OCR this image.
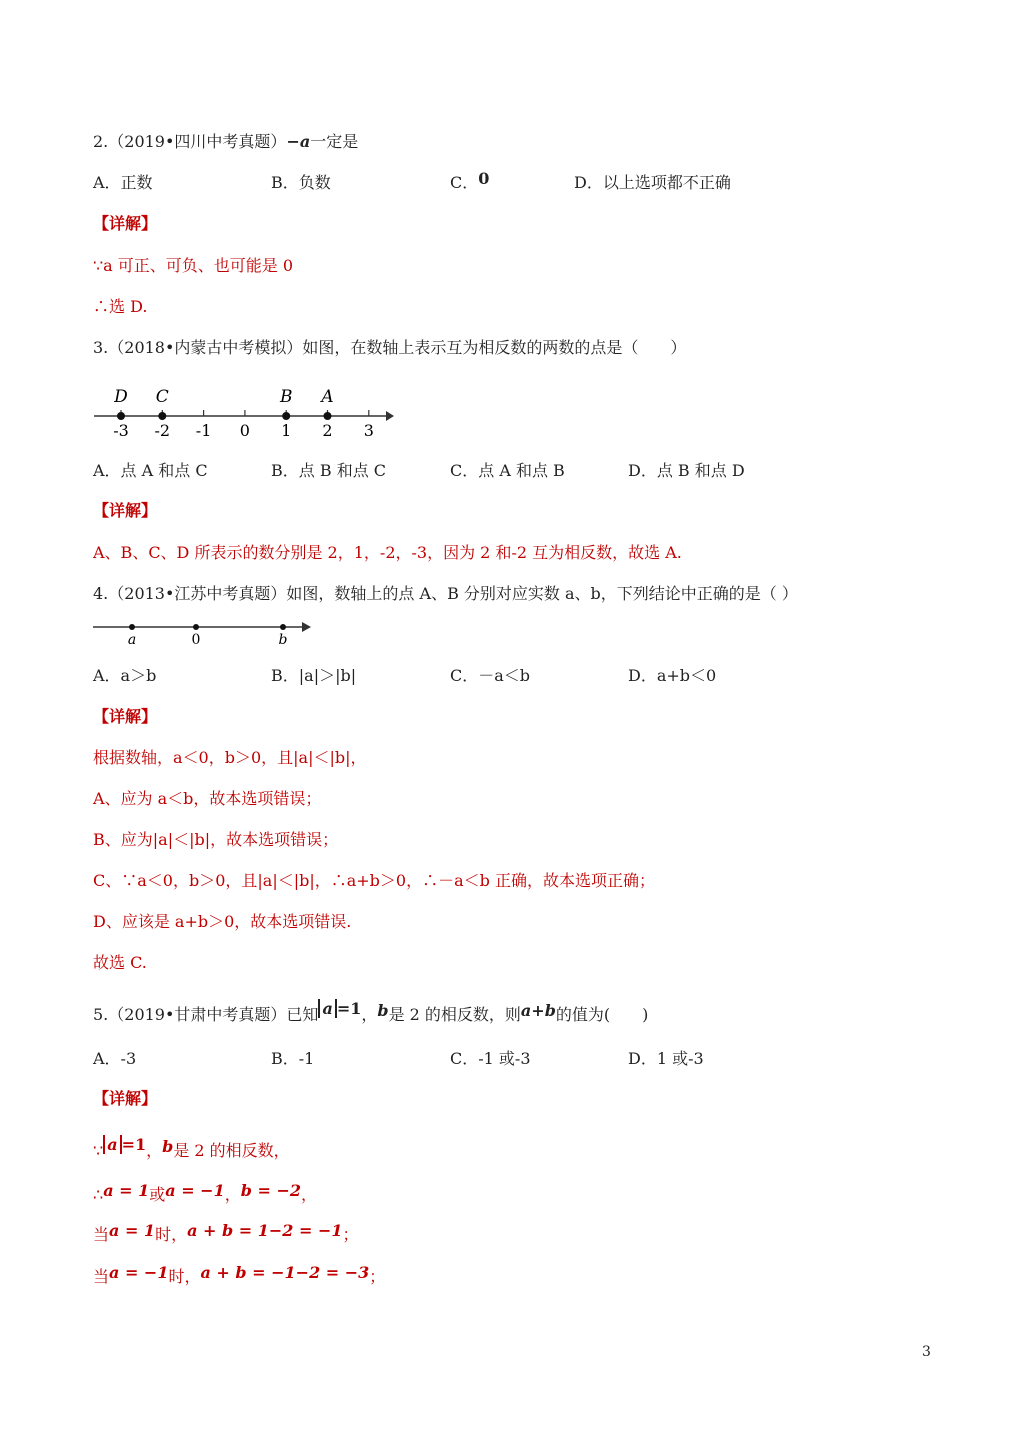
2.（2019•四川中考真题）−a一定是
A．正数	B．负数	C．0	D．以上选项都不正确
【详解】
∵a 可正、可负、也可能是 0
∴选 D.
3.（2018•内蒙古中考模拟）如图，在数轴上表示互为相反数的两数的点是（　　）
-3 -2 -1 0 1 2 3
D C	B A
A．点 A 和点 C	B．点 B 和点 C	C．点 A 和点 B	D．点 B 和点 D
【详解】
A、B、C、D 所表示的数分别是 2，1，-2，-3，因为 2 和-2 互为相反数，故选 A.
4.（2013•江苏中考真题）如图，数轴上的点 A、B 分别对应实数 a、b，下列结论中正确的是（ ）
a	0	b
A．a＞b	B．|a|＞|b|	C．－a＜b	D．a+b＜0
【详解】
根据数轴，a＜0，b＞0，且|a|＜|b|，
A、应为 a＜b，故本选项错误；
B、应为|a|＜|b|，故本选项错误；
C、∵a＜0，b＞0，且|a|＜|b|，∴a+b＞0，∴－a＜b 正确，故本选项正确；
D、应该是 a+b＞0，故本选项错误.
故选 C.
5.（2019•甘肃中考真题）已知 a =1，b是 2 的相反数，则a+b的值为(　　)
A．-3	B．-1	C．-1 或-3	D．1 或-3
【详解】
∵ a =1，b是 2 的相反数，
∴a = 1或a = −1，b = −2，
当a = 1时，a + b = 1−2 = −1；
当a = −1时，a + b = −1−2 = −3；
3
